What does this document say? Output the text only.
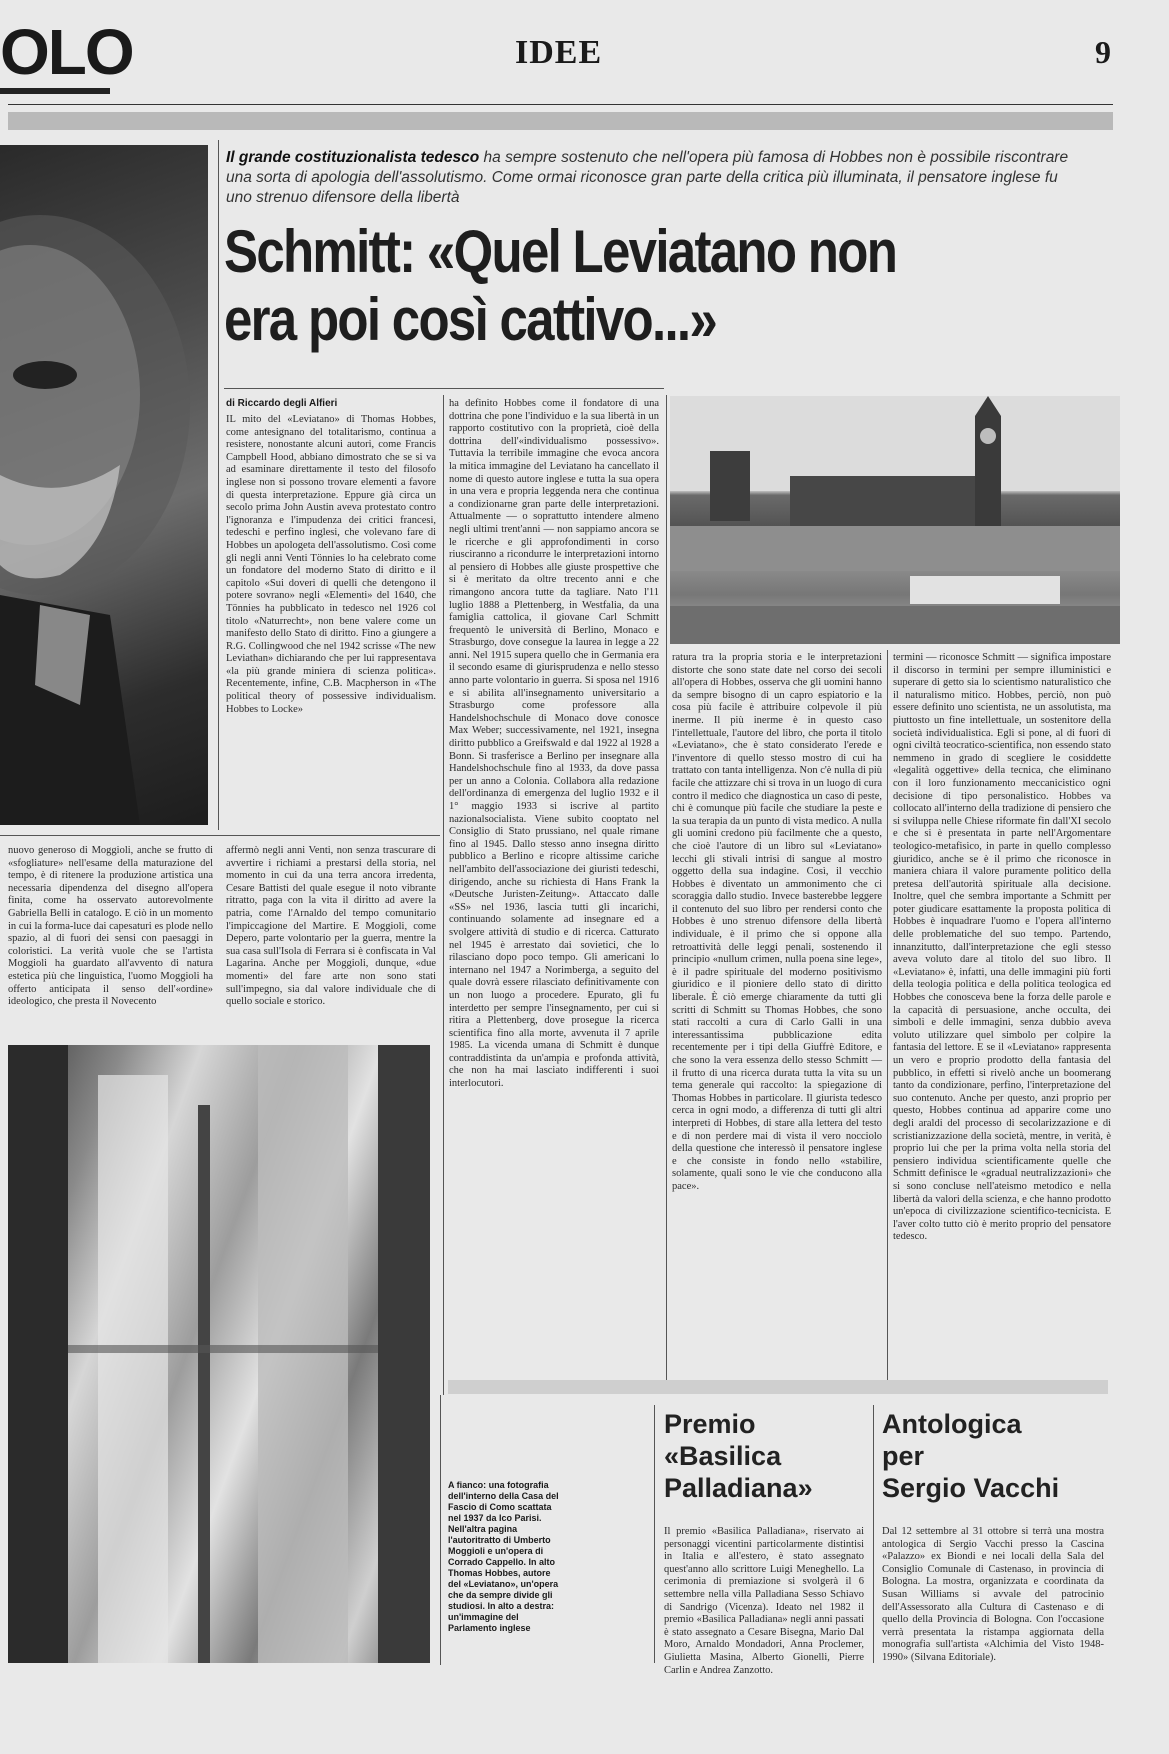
OLO	IDEE	9
Il grande costituzionalista tedesco ha sempre sostenuto che nell'opera più famosa di Hobbes non è possibile riscontrare una sorta di apologia dell'assolutismo. Come ormai riconosce gran parte della critica più illuminata, il pensatore inglese fu uno strenuo difensore della libertà
Schmitt: «Quel Leviatano non era poi così cattivo...»
di Riccardo degli Alfieri
IL mito del «Leviatano» di Thomas Hobbes, come antesignano del totalitarismo, continua a resistere, nonostante alcuni autori, come Francis Campbell Hood, abbiano dimostrato che se si va ad esaminare direttamente il testo del filosofo inglese non si possono trovare elementi a favore di questa interpretazione. Eppure già circa un secolo prima John Austin aveva protestato contro l'ignoranza e l'impudenza dei critici francesi, tedeschi e perfino inglesi, che volevano fare di Hobbes un apologeta dell'assolutismo. Così come gli negli anni Venti Tönnies lo ha celebrato come un fondatore del moderno Stato di diritto e il capitolo «Sui doveri di quelli che detengono il potere sovrano» negli «Elementi» del 1640, che Tönnies ha pubblicato in tedesco nel 1926 col titolo «Naturrecht», non bene valere come un manifesto dello Stato di diritto. Fino a giungere a R.G. Collingwood che nel 1942 scrisse «The new Leviathan» dichiarando che per lui rappresentava «la più grande miniera di scienza politica». Recentemente, infine, C.B. Macpherson in «The political theory of possessive individualism. Hobbes to Locke»
ha definito Hobbes come il fondatore di una dottrina che pone l'individuo e la sua libertà in un rapporto costitutivo con la proprietà, cioè della dottrina dell'«individualismo possessivo». Tuttavia la terribile immagine che evoca ancora la mitica immagine del Leviatano ha cancellato il nome di questo autore inglese e tutta la sua opera in una vera e propria leggenda nera che continua a condizionarne gran parte delle interpretazioni. Attualmente — o soprattutto intendere almeno negli ultimi trent'anni — non sappiamo ancora se le ricerche e gli approfondimenti in corso riusciranno a ricondurre le interpretazioni intorno al pensiero di Hobbes alle giuste prospettive che si è meritato da oltre trecento anni e che rimangono ancora tutte da tagliare. Nato l'11 luglio 1888 a Plettenberg, in Westfalia, da una famiglia cattolica, il giovane Carl Schmitt frequentò le università di Berlino, Monaco e Strasburgo, dove consegue la laurea in legge a 22 anni. Nel 1915 supera quello che in Germania era il secondo esame di giurisprudenza e nello stesso anno parte volontario in guerra. Si sposa nel 1916 e si abilita all'insegnamento universitario a Strasburgo come professore alla Handelshochschule di Monaco dove conosce Max Weber; successivamente, nel 1921, insegna diritto pubblico a Greifswald e dal 1922 al 1928 a Bonn. Si trasferisce a Berlino per insegnare alla Handelshochschule fino al 1933, da dove passa per un anno a Colonia. Collabora alla redazione dell'ordinanza di emergenza del luglio 1932 e il 1° maggio 1933 si iscrive al partito nazionalsocialista. Viene subito cooptato nel Consiglio di Stato prussiano, nel quale rimane fino al 1945. Dallo stesso anno insegna diritto pubblico a Berlino e ricopre altissime cariche nell'ambito dell'associazione dei giuristi tedeschi, dirigendo, anche su richiesta di Hans Frank la «Deutsche Juristen-Zeitung». Attaccato dalle «SS» nel 1936, lascia tutti gli incarichi, continuando solamente ad insegnare ed a svolgere attività di studio e di ricerca. Catturato nel 1945 è arrestato dai sovietici, che lo rilasciano dopo poco tempo. Gli americani lo internano nel 1947 a Norimberga, a seguito del quale dovrà essere rilasciato definitivamente con un non luogo a procedere. Epurato, gli fu interdetto per sempre l'insegnamento, per cui si ritira a Plettenberg, dove prosegue la ricerca scientifica fino alla morte, avvenuta il 7 aprile 1985. La vicenda umana di Schmitt è dunque contraddistinta da un'ampia e profonda attività, che non ha mai lasciato indifferenti i suoi interlocutori.
ratura tra la propria storia e le interpretazioni distorte che sono state date nel corso dei secoli all'opera di Hobbes, osserva che gli uomini hanno da sempre bisogno di un capro espiatorio e la cosa più facile è attribuire colpevole il più inerme. Il più inerme è in questo caso l'intellettuale, l'autore del libro, che porta il titolo «Leviatano», che è stato considerato l'erede e l'inventore di quello stesso mostro di cui ha trattato con tanta intelligenza. Non c'è nulla di più facile che attizzare chi si trova in un luogo di cura contro il medico che diagnostica un caso di peste, chi è comunque più facile che studiare la peste e la sua terapia da un punto di vista medico. A nulla gli uomini credono più facilmente che a questo, che cioè l'autore di un libro sul «Leviatano» lecchi gli stivali intrisi di sangue al mostro oggetto della sua indagine. Così, il vecchio Hobbes è diventato un ammonimento che ci scoraggia dallo studio. Invece basterebbe leggere il contenuto del suo libro per rendersi conto che Hobbes è uno strenuo difensore della libertà individuale, è il primo che si oppone alla retroattività delle leggi penali, sostenendo il principio «nullum crimen, nulla poena sine lege», è il padre spirituale del moderno positivismo giuridico e il pioniere dello stato di diritto liberale. È ciò emerge chiaramente da tutti gli scritti di Schmitt su Thomas Hobbes, che sono stati raccolti a cura di Carlo Galli in una interessantissima pubblicazione edita recentemente per i tipi della Giuffrè Editore, e che sono la vera essenza dello stesso Schmitt — il frutto di una ricerca durata tutta la vita su un tema generale qui raccolto: la spiegazione di Thomas Hobbes in particolare. Il giurista tedesco cerca in ogni modo, a differenza di tutti gli altri interpreti di Hobbes, di stare alla lettera del testo e di non perdere mai di vista il vero nocciolo della questione che interessò il pensatore inglese e che consiste in fondo nello «stabilire, solamente, quali sono le vie che conducono alla pace».
termini — riconosce Schmitt — significa impostare il discorso in termini per sempre illuministici e superare di getto sia lo scientismo naturalistico che il naturalismo mitico. Hobbes, perciò, non può essere definito uno scientista, ne un assolutista, ma piuttosto un fine intellettuale, un sostenitore della società individualistica. Egli si pone, al di fuori di ogni civiltà teocratico-scientifica, non essendo stato nemmeno in grado di scegliere le cosiddette «legalità oggettive» della tecnica, che eliminano con il loro funzionamento meccanicistico ogni decisione di tipo personalistico. Hobbes va collocato all'interno della tradizione di pensiero che si sviluppa nelle Chiese riformate fin dall'XI secolo e che si è presentata in parte nell'Argomentare teologico-metafisico, in parte in quello complesso giuridico, anche se è il primo che riconosce in maniera chiara il valore puramente politico della pretesa dell'autorità spirituale alla decisione. Inoltre, quel che sembra importante a Schmitt per poter giudicare esattamente la proposta politica di Hobbes è inquadrare l'uomo e l'opera all'interno delle problematiche del suo tempo. Partendo, innanzitutto, dall'interpretazione che egli stesso aveva voluto dare al titolo del suo libro. Il «Leviatano» è, infatti, una delle immagini più forti della teologia politica e della politica teologica ed Hobbes che conosceva bene la forza delle parole e la capacità di persuasione, anche occulta, dei simboli e delle immagini, senza dubbio aveva voluto utilizzare quel simbolo per colpire la fantasia del lettore. E se il «Leviatano» rappresenta un vero e proprio prodotto della fantasia del pubblico, in effetti si rivelò anche un boomerang tanto da condizionare, perfino, l'interpretazione del suo contenuto. Anche per questo, anzi proprio per questo, Hobbes continua ad apparire come uno degli araldi del processo di secolarizzazione e di scristianizzazione della società, mentre, in verità, è proprio lui che per la prima volta nella storia del pensiero individua scientificamente quelle che Schmitt definisce le «gradual neutralizzazioni» che si sono concluse nell'ateismo metodico e nella libertà da valori della scienza, e che hanno prodotto un'epoca di civilizzazione scientifico-tecnicista. E l'aver colto tutto ciò è merito proprio del pensatore tedesco.
nuovo generoso di Moggioli, anche se frutto di «sfogliature» nell'esame della maturazione del tempo, è di ritenere la produzione artistica una necessaria dipendenza del disegno all'opera finita, come ha osservato autorevolmente Gabriella Belli in catalogo. E ciò in un momento in cui la forma-luce dai capesaturi es plode nello spazio, al di fuori dei sensi con paesaggi in coloristici. La verità vuole che se l'artista Moggioli ha guardato all'avvento di natura estetica più che linguistica, l'uomo Moggioli ha offerto anticipata il senso dell'«ordine» ideologico, che presta il Novecento
affermò negli anni Venti, non senza trascurare di avvertire i richiami a prestarsi della storia, nel momento in cui da una terra ancora irredenta, Cesare Battisti del quale esegue il noto vibrante ritratto, paga con la vita il diritto ad avere la patria, come l'Arnaldo del tempo comunitario l'impiccagione del Martire. E Moggioli, come Depero, parte volontario per la guerra, mentre la sua casa sull'Isola di Ferrara si è confiscata in Val Lagarina. Anche per Moggioli, dunque, «due momenti» del fare arte non sono stati sull'impegno, sia dal valore individuale che di quello sociale e storico.
A fianco: una fotografia dell'interno della Casa del Fascio di Como scattata nel 1937 da Ico Parisi. Nell'altra pagina l'autoritratto di Umberto Moggioli e un'opera di Corrado Cappello. In alto Thomas Hobbes, autore del «Leviatano», un'opera che da sempre divide gli studiosi. In alto a destra: un'immagine del Parlamento inglese
Premio
«Basilica
Palladiana»
Il premio «Basilica Palladiana», riservato ai personaggi vicentini particolarmente distintisi in Italia e all'estero, è stato assegnato quest'anno allo scrittore Luigi Meneghello. La cerimonia di premiazione si svolgerà il 6 settembre nella villa Palladiana Sesso Schiavo di Sandrigo (Vicenza). Ideato nel 1982 il premio «Basilica Palladiana» negli anni passati è stato assegnato a Cesare Bisegna, Mario Dal Moro, Arnaldo Mondadori, Anna Proclemer, Giulietta Masina, Alberto Gionelli, Pierre Carlin e Andrea Zanzotto.
Antologica
per
Sergio Vacchi
Dal 12 settembre al 31 ottobre si terrà una mostra antologica di Sergio Vacchi presso la Cascina «Palazzo» ex Biondi e nei locali della Sala del Consiglio Comunale di Castenaso, in provincia di Bologna. La mostra, organizzata e coordinata da Susan Williams si avvale del patrocinio dell'Assessorato alla Cultura di Castenaso e di quello della Provincia di Bologna. Con l'occasione verrà presentata la ristampa aggiornata della monografia sull'artista «Alchimia del Visto 1948-1990» (Silvana Editoriale).
